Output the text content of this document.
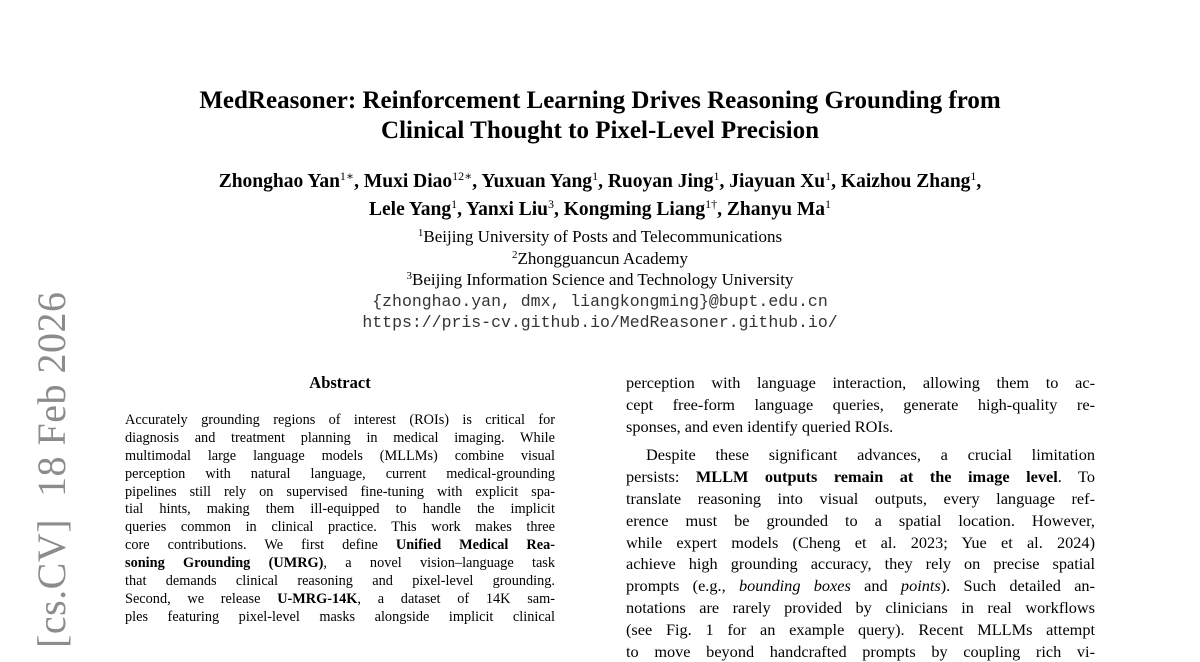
[cs.CV]18 Feb 2026
MedReasoner: Reinforcement Learning Drives Reasoning Grounding from
Clinical Thought to Pixel-Level Precision
Zhonghao Yan$^{1∗}$, Muxi Diao$^{12∗}$, Yuxuan Yang$^1$, Ruoyan Jing$^1$, Jiayuan Xu$^1$, Kaizhou Zhang$^1$,
Lele Yang$^1$, Yanxi Liu$^3$, Kongming Liang$^{1\dagger}$, Zhanyu Ma$^1$
$^1$Beijing University of Posts and Telecommunications
$^2$Zhongguancun Academy
$^3$Beijing Information Science and Technology University
{zhonghao.yan, dmx, liangkongming}@bupt.edu.cn
https://pris-cv.github.io/MedReasoner.github.io/
Abstract
Accurately grounding regions of interest (ROIs) is critical for
diagnosis and treatment planning in medical imaging. While
multimodal large language models (MLLMs) combine visual
perception with natural language, current medical-grounding
pipelines still rely on supervised fine-tuning with explicit spa-
tial hints, making them ill-equipped to handle the implicit
queries common in clinical practice. This work makes three
core contributions. We first define Unified Medical Rea-
soning Grounding (UMRG), a novel vision–language task
that demands clinical reasoning and pixel-level grounding.
Second, we release U-MRG-14K, a dataset of 14K sam-
ples featuring pixel-level masks alongside implicit clinical
perception with language interaction, allowing them to ac-
cept free-form language queries, generate high-quality re-
sponses, and even identify queried ROIs.
Despite these significant advances, a crucial limitation
persists: MLLM outputs remain at the image level. To
translate reasoning into visual outputs, every language ref-
erence must be grounded to a spatial location. However,
while expert models (Cheng et al. 2023; Yue et al. 2024)
achieve high grounding accuracy, they rely on precise spatial
prompts (e.g., bounding boxes and points). Such detailed an-
notations are rarely provided by clinicians in real workflows
(see Fig. 1 for an example query). Recent MLLMs attempt
to move beyond handcrafted prompts by coupling rich vi-
